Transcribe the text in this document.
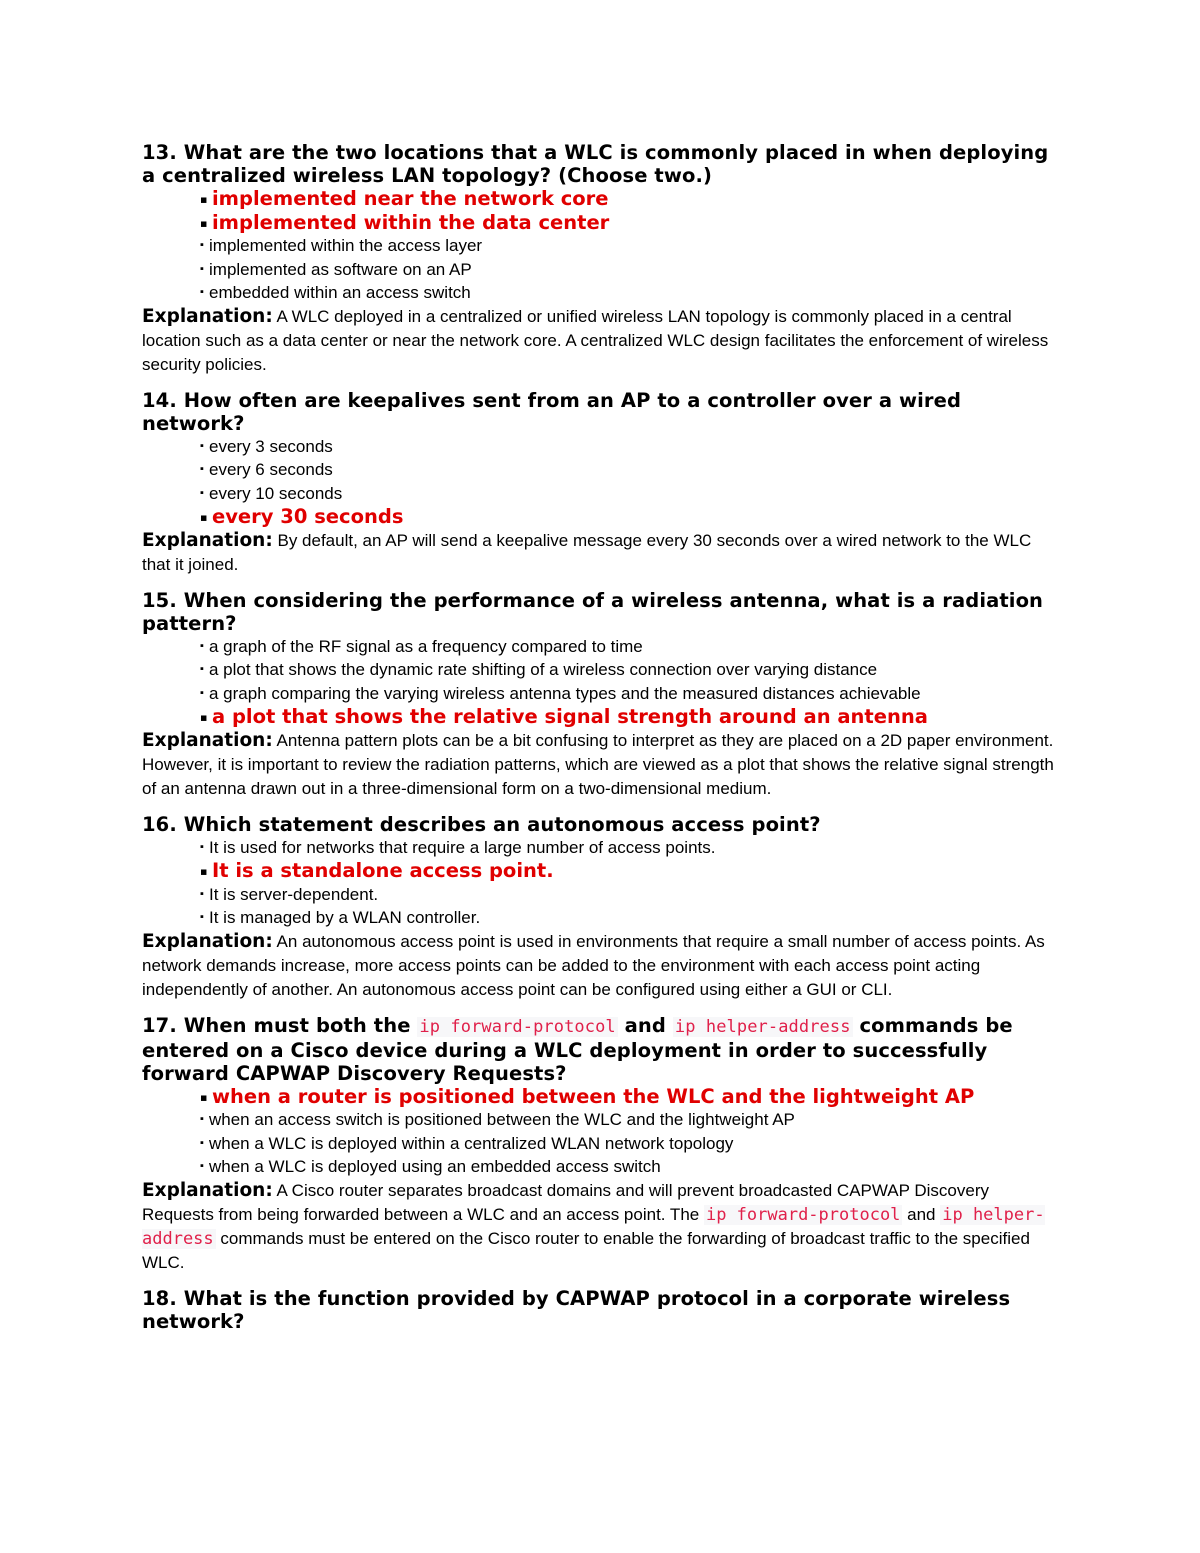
13. What are the two locations that a WLC is commonly placed in when deploying a centralized wireless LAN topology? (Choose two.)
▪ implemented near the network core
▪ implemented within the data center
▪ implemented within the access layer
▪ implemented as software on an AP
▪ embedded within an access switch
Explanation: A WLC deployed in a centralized or unified wireless LAN topology is commonly placed in a central location such as a data center or near the network core. A centralized WLC design facilitates the enforcement of wireless security policies.
14. How often are keepalives sent from an AP to a controller over a wired network?
▪ every 3 seconds
▪ every 6 seconds
▪ every 10 seconds
▪ every 30 seconds
Explanation: By default, an AP will send a keepalive message every 30 seconds over a wired network to the WLC that it joined.
15. When considering the performance of a wireless antenna, what is a radiation pattern?
▪ a graph of the RF signal as a frequency compared to time
▪ a plot that shows the dynamic rate shifting of a wireless connection over varying distance
▪ a graph comparing the varying wireless antenna types and the measured distances achievable
▪ a plot that shows the relative signal strength around an antenna
Explanation: Antenna pattern plots can be a bit confusing to interpret as they are placed on a 2D paper environment. However, it is important to review the radiation patterns, which are viewed as a plot that shows the relative signal strength of an antenna drawn out in a three-dimensional form on a two-dimensional medium.
16. Which statement describes an autonomous access point?
▪ It is used for networks that require a large number of access points.
▪ It is a standalone access point.
▪ It is server-dependent.
▪ It is managed by a WLAN controller.
Explanation: An autonomous access point is used in environments that require a small number of access points. As network demands increase, more access points can be added to the environment with each access point acting independently of another. An autonomous access point can be configured using either a GUI or CLI.
17. When must both the ip forward-protocol and ip helper-address commands be entered on a Cisco device during a WLC deployment in order to successfully forward CAPWAP Discovery Requests?
▪ when a router is positioned between the WLC and the lightweight AP
▪ when an access switch is positioned between the WLC and the lightweight AP
▪ when a WLC is deployed within a centralized WLAN network topology
▪ when a WLC is deployed using an embedded access switch
Explanation: A Cisco router separates broadcast domains and will prevent broadcasted CAPWAP Discovery Requests from being forwarded between a WLC and an access point. The ip forward-protocol and ip helper-address commands must be entered on the Cisco router to enable the forwarding of broadcast traffic to the specified WLC.
18. What is the function provided by CAPWAP protocol in a corporate wireless network?
